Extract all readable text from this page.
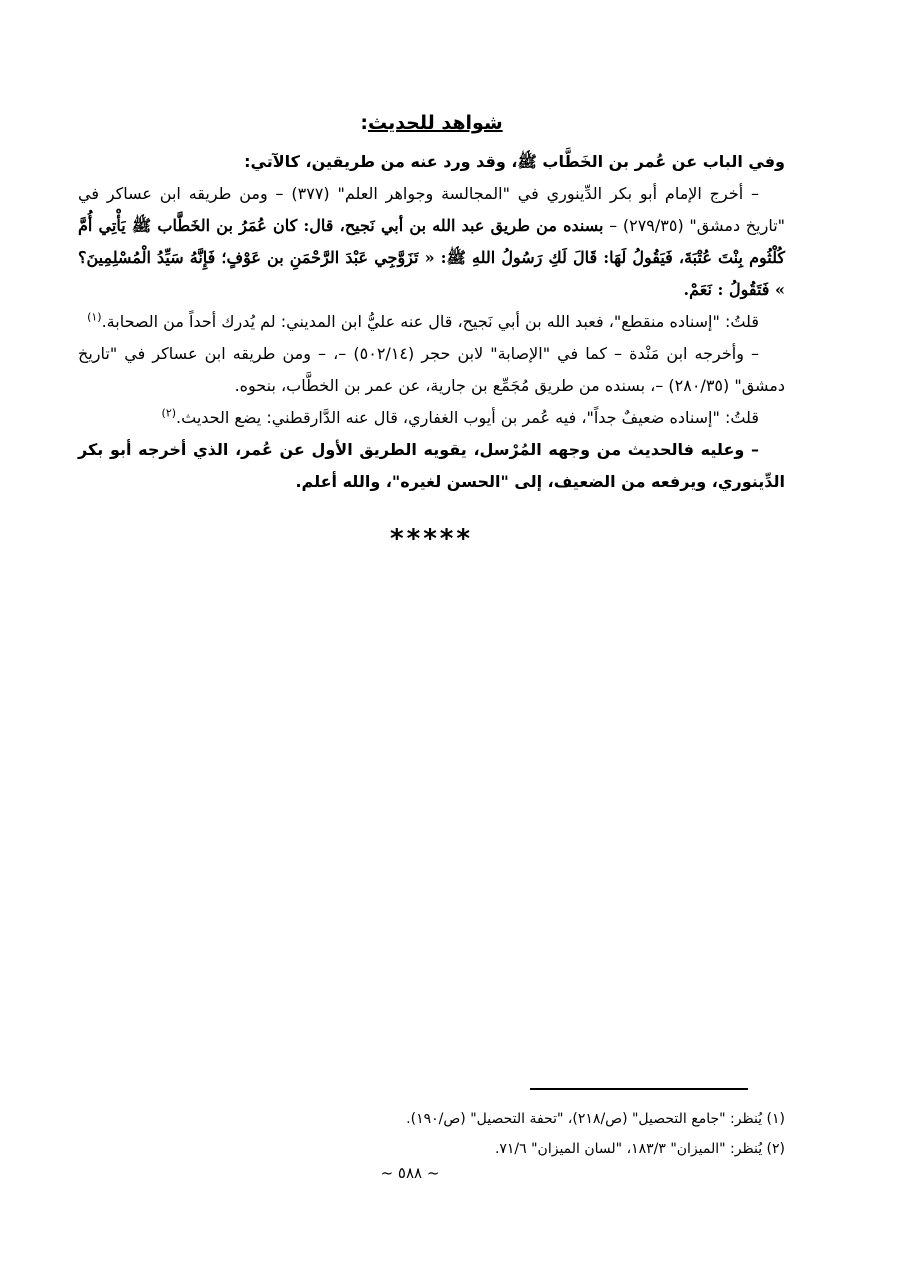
شواهد للحديث:

وفي الباب عن عُمر بن الخَطَّاب ﷺ، وقد ورد عنه من طريقين، كالآتي:

– أخرج الإمام أبو بكر الدِّينوري في "المجالسة وجواهر العلم" (٣٧٧) – ومن طريقه ابن عساكر في "تاريخ دمشق" (٢٧٩/٣٥) – بسنده من طريق عبد الله بن أبي نَجيح، قال: كان عُمَرُ بن الخَطَّاب ﷺ يَأْتِي أُمَّ كُلْثُوم بِنْتَ عُتْبَةَ، فَيَقُولُ لَهَا: قَالَ لَكِ رَسُولُ اللهِ ﷺ: « تَزَوَّجِي عَبْدَ الرَّحْمَنِ بن عَوْفٍ؛ فَإِنَّهُ سَيِّدُ الْمُسْلِمِينَ؟ » فَتَقُولُ : نَعَمْ.

قلتُ: "إسناده منقطع"، فعبد الله بن أبي نَجيح، قال عنه عليُّ ابن المديني: لم يُدرك أحداً من الصحابة.$^{(١)}$

– وأخرجه ابن مَنْدة – كما في "الإصابة" لابن حجر (٥٠٢/١٤) –، – ومن طريقه ابن عساكر في "تاريخ دمشق" (٢٨٠/٣٥) –، بسنده من طريق مُجَمِّع بن جارية، عن عمر بن الخطَّاب، بنحوه.

قلتُ: "إسناده ضعيفٌ جداً"، فيه عُمر بن أيوب الغفاري، قال عنه الدَّارقطني: يضع الحديث.$^{(٢)}$

– وعليه فالحديث من وجهه المُرْسل، يقويه الطريق الأول عن عُمر، الذي أخرجه أبو بكر الدِّينوري، ويرفعه من الضعيف، إلى "الحسن لغيره"، والله أعلم.

*****
(١) يُنظر: "جامع التحصيل" (ص/٢١٨)، "تحفة التحصيل" (ص/١٩٠).
(٢) يُنظر: "الميزان" ١٨٣/٣، "لسان الميزان" ٧١/٦.
~ ٥٨٨ ~
